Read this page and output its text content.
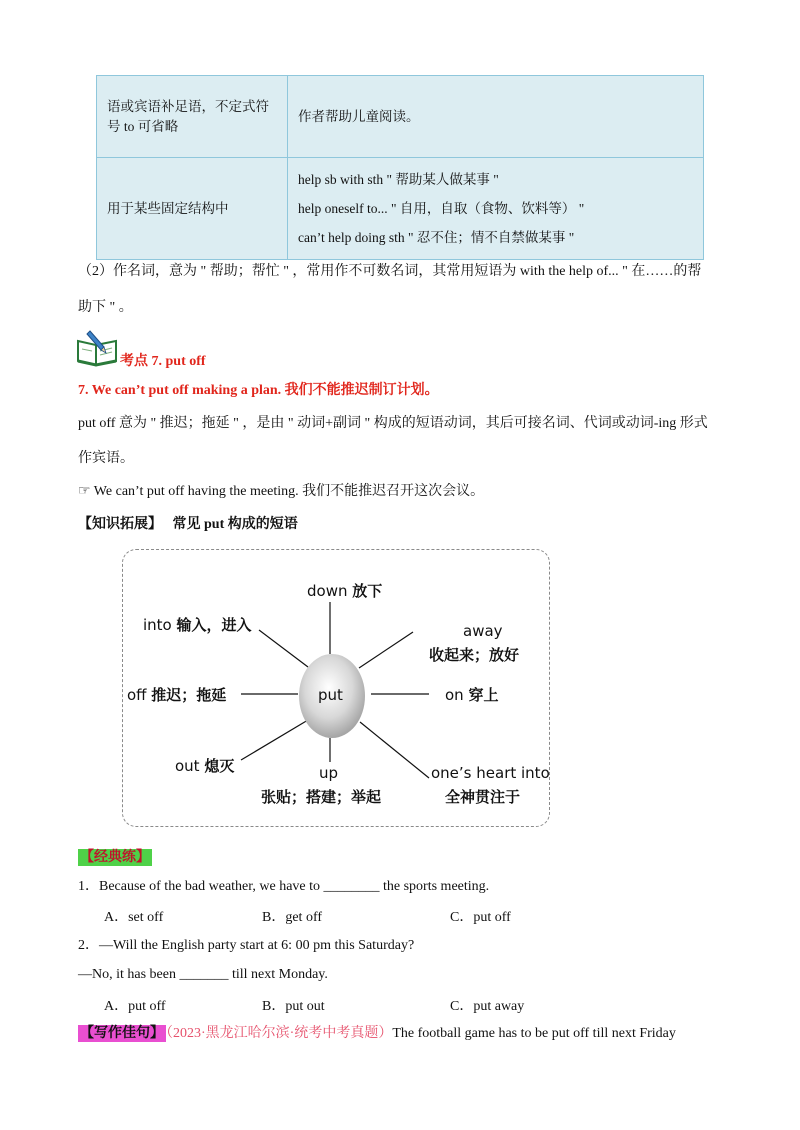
语或宾语补足语，不定式符号 to 可省略	作者帮助儿童阅读。
用于某些固定结构中	help sb with sth " 帮助某人做某事 "
help oneself to... " 自用，自取（食物、饮料等） "
can’t help doing sth " 忍不住；情不自禁做某事 "
（2）作名词，意为 " 帮助；帮忙 " ，常用作不可数名词，其常用短语为 with the help of... " 在……的帮
助下 " 。
考点 7. put off
7. We can’t put off making a plan. 我们不能推迟制订计划。
put off 意为 " 推迟；拖延 " ，是由 " 动词+副词 " 构成的短语动词，其后可接名词、代词或动词-ing 形式
作宾语。
☞ We can’t put off having the meeting. 我们不能推迟召开这次会议。
【知识拓展】 常见 put 构成的短语
put
down 放下
into 输入，进入	away
收起来；放好
off 推迟；拖延	on 穿上
out 熄灭	up
张贴；搭建；举起
one’s heart into
全神贯注于
【经典练】
1．Because of the bad weather, we have to ________ the sports meeting.
A．set off	B．get off	C．put off
2．—Will the English party start at 6: 00 pm this Saturday?
—No, it has been _______ till next Monday.
A．put off	B．put out	C．put away
【写作佳句】 （2023·黑龙江哈尔滨·统考中考真题）The football game has to be put off till next Friday
